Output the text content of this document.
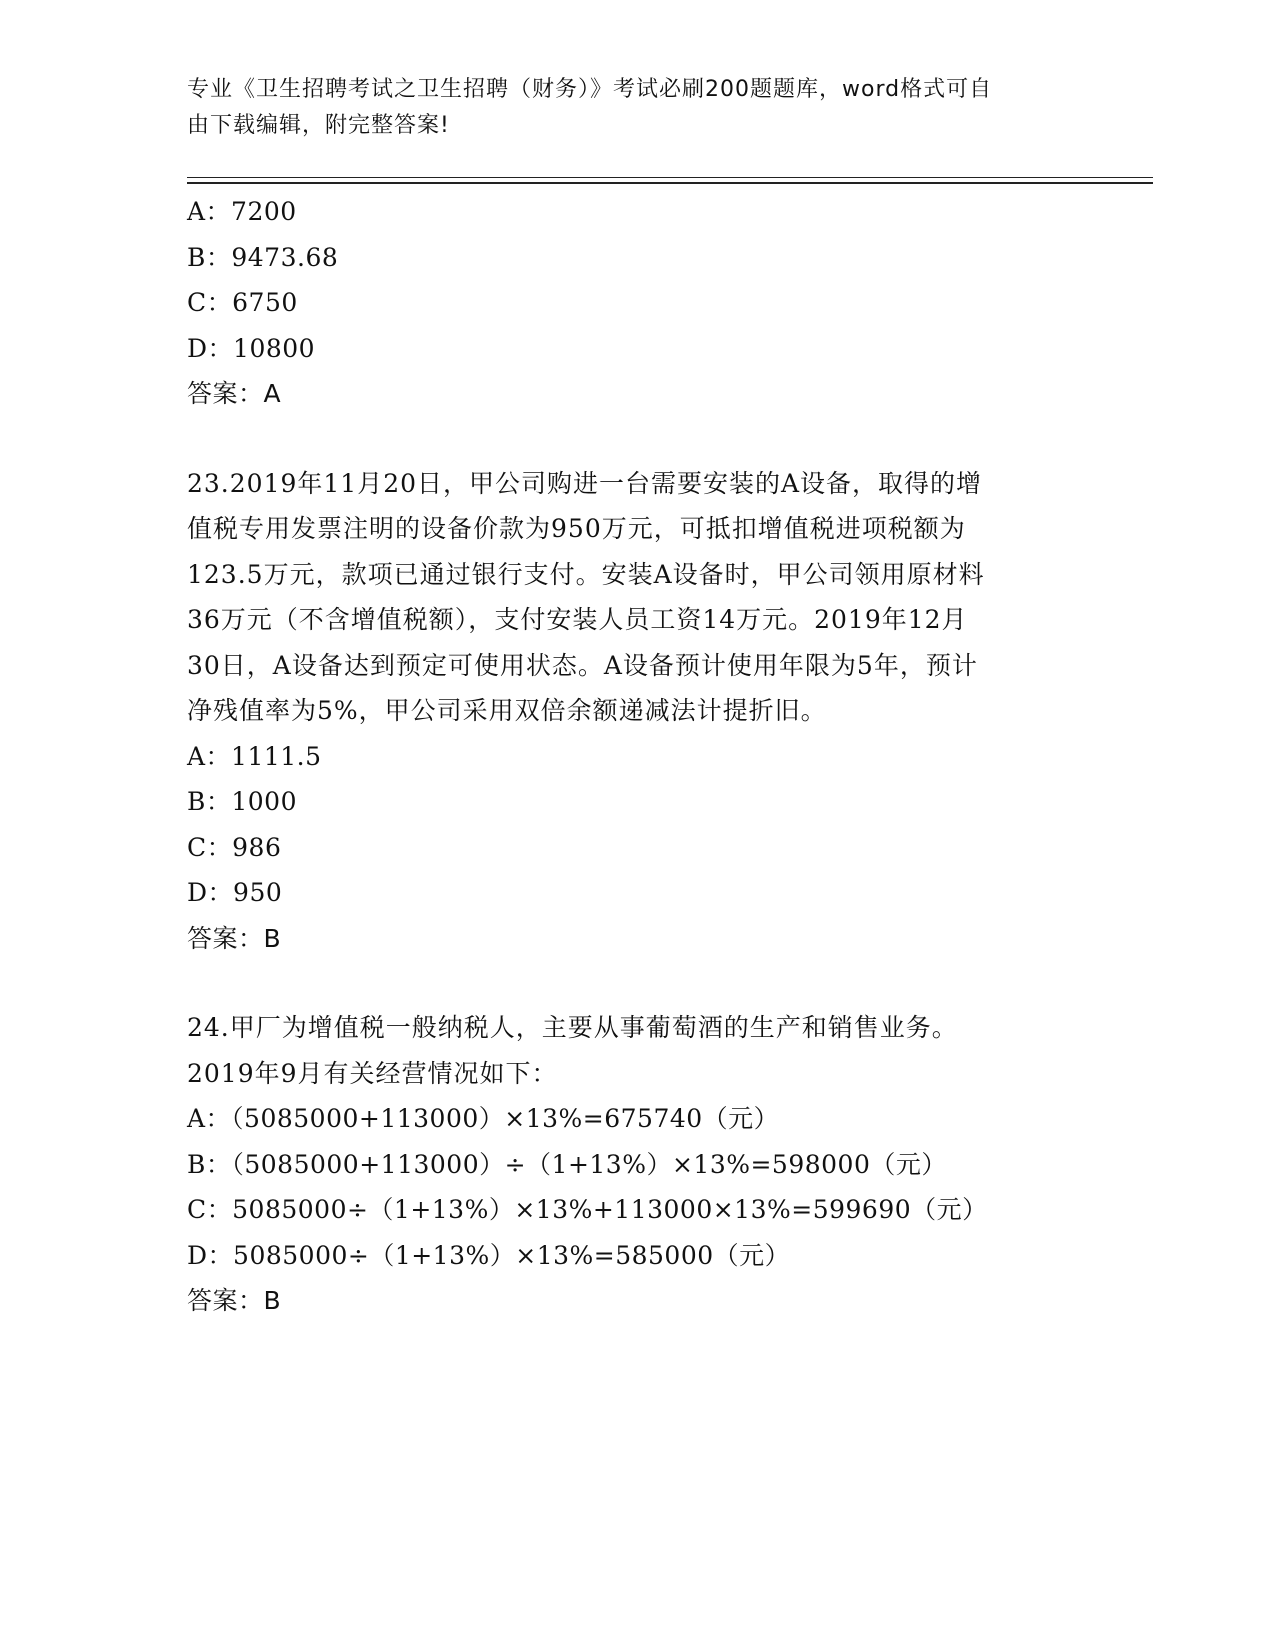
专业《卫生招聘考试之卫生招聘（财务）》考试必刷200题题库，word格式可自
由下载编辑，附完整答案!
A：7200
B：9473.68
C：6750
D：10800
答案：A
23.2019年11月20日，甲公司购进一台需要安装的A设备，取得的增
值税专用发票注明的设备价款为950万元，可抵扣增值税进项税额为
123.5万元，款项已通过银行支付。安装A设备时，甲公司领用原材料
36万元（不含增值税额），支付安装人员工资14万元。2019年12月
30日，A设备达到预定可使用状态。A设备预计使用年限为5年，预计
净残值率为5%，甲公司采用双倍余额递减法计提折旧。
A：1111.5
B：1000
C：986
D：950
答案：B
24.甲厂为增值税一般纳税人，主要从事葡萄酒的生产和销售业务。
2019年9月有关经营情况如下：
A：（5085000+113000）×13%=675740（元）
B：（5085000+113000）÷（1+13%）×13%=598000（元）
C：5085000÷（1+13%）×13%+113000×13%=599690（元）
D：5085000÷（1+13%）×13%=585000（元）
答案：B
